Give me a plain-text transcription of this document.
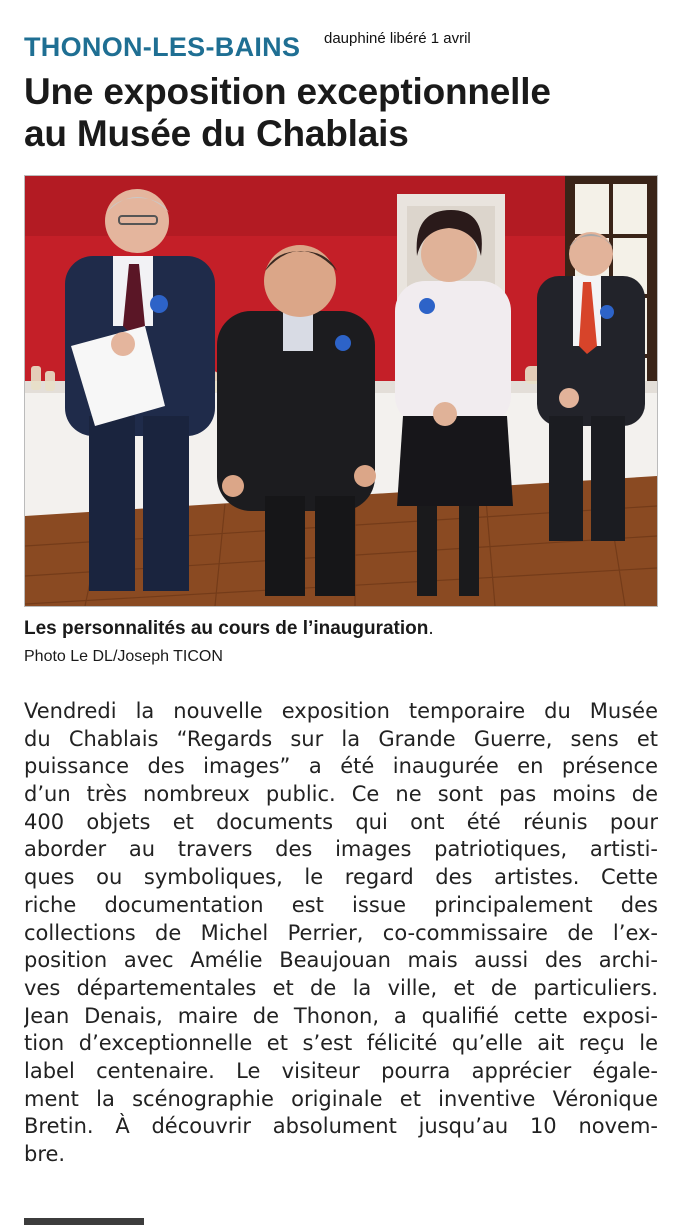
THONON-LES-BAINS dauphiné libéré 1 avril
Une exposition exceptionnelle
au Musée du Chablais
Les personnalités au cours de l’inauguration.
Photo Le DL/Joseph TICON
Vendredi la nouvelle exposition temporaire du Musée
du Chablais “Regards sur la Grande Guerre, sens et
puissance des images” a été inaugurée en présence
d’un très nombreux public. Ce ne sont pas moins de
400 objets et documents qui ont été réunis pour
aborder au travers des images patriotiques, artisti-
ques ou symboliques, le regard des artistes. Cette
riche documentation est issue principalement des
collections de Michel Perrier, co-commissaire de l’ex-
position avec Amélie Beaujouan mais aussi des archi-
ves départementales et de la ville, et de particuliers.
Jean Denais, maire de Thonon, a qualifié cette exposi-
tion d’exceptionnelle et s’est félicité qu’elle ait reçu le
label centenaire. Le visiteur pourra apprécier égale-
ment la scénographie originale et inventive Véronique
Bretin. À découvrir absolument jusqu’au 10 novem-
bre.
